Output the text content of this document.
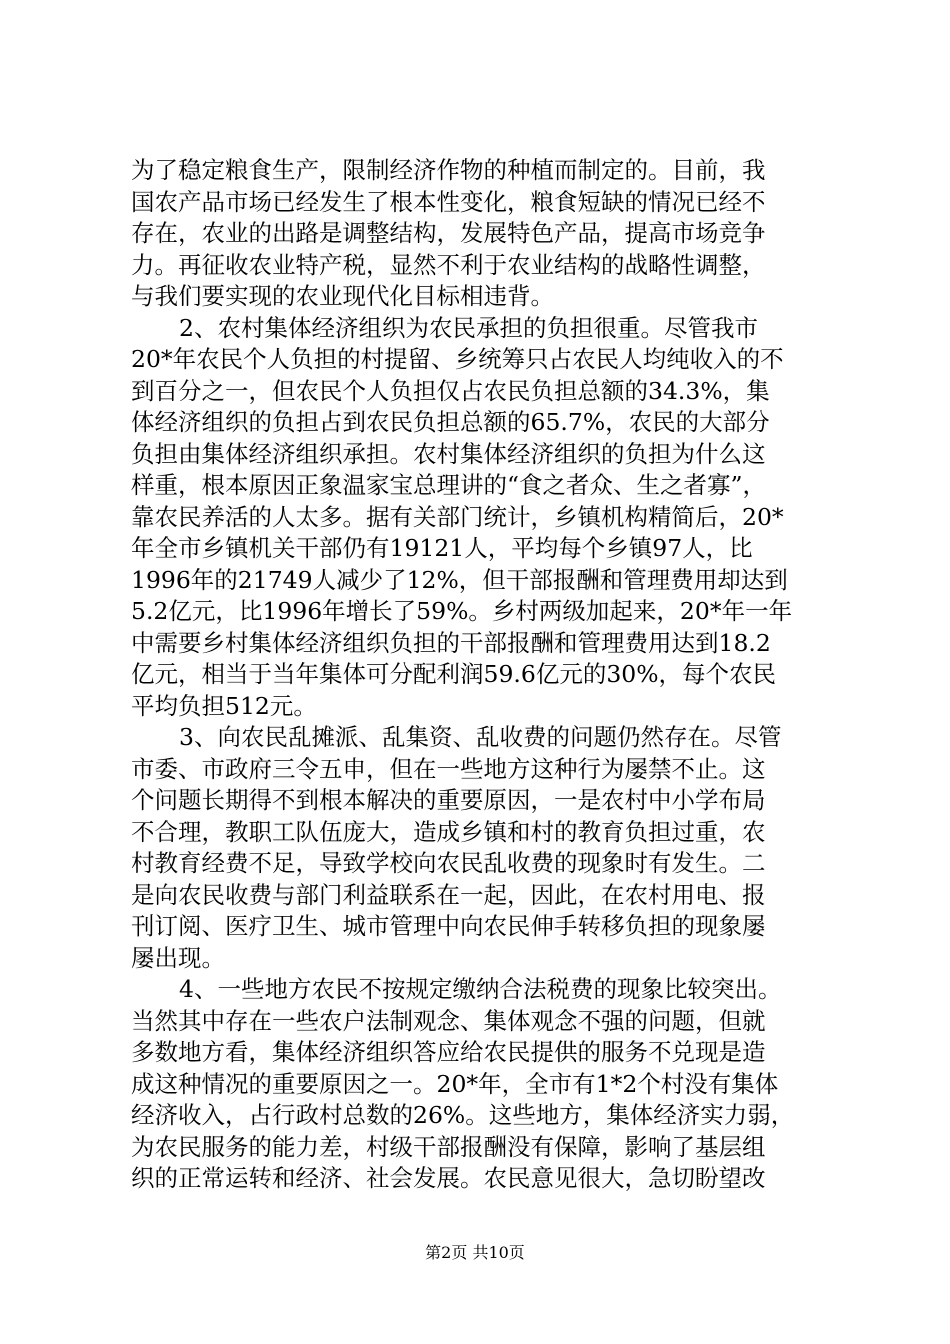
为了稳定粮食生产，限制经济作物的种植而制定的。目前，我
国农产品市场已经发生了根本性变化，粮食短缺的情况已经不
存在，农业的出路是调整结构，发展特色产品，提高市场竞争
力。再征收农业特产税，显然不利于农业结构的战略性调整，
与我们要实现的农业现代化目标相违背。
2、农村集体经济组织为农民承担的负担很重。尽管我市
20*年农民个人负担的村提留、乡统筹只占农民人均纯收入的不
到百分之一，但农民个人负担仅占农民负担总额的34.3%，集
体经济组织的负担占到农民负担总额的65.7%，农民的大部分
负担由集体经济组织承担。农村集体经济组织的负担为什么这
样重，根本原因正象温家宝总理讲的“食之者众、生之者寡”，
靠农民养活的人太多。据有关部门统计，乡镇机构精简后，20*
年全市乡镇机关干部仍有19121人，平均每个乡镇97人，比
1996年的21749人减少了12%，但干部报酬和管理费用却达到
5.2亿元，比1996年增长了59%。乡村两级加起来，20*年一年
中需要乡村集体经济组织负担的干部报酬和管理费用达到18.2
亿元，相当于当年集体可分配利润59.6亿元的30%，每个农民
平均负担512元。
3、向农民乱摊派、乱集资、乱收费的问题仍然存在。尽管
市委、市政府三令五申，但在一些地方这种行为屡禁不止。这
个问题长期得不到根本解决的重要原因，一是农村中小学布局
不合理，教职工队伍庞大，造成乡镇和村的教育负担过重，农
村教育经费不足，导致学校向农民乱收费的现象时有发生。二
是向农民收费与部门利益联系在一起，因此，在农村用电、报
刊订阅、医疗卫生、城市管理中向农民伸手转移负担的现象屡
屡出现。
4、一些地方农民不按规定缴纳合法税费的现象比较突出。
当然其中存在一些农户法制观念、集体观念不强的问题，但就
多数地方看，集体经济组织答应给农民提供的服务不兑现是造
成这种情况的重要原因之一。20*年，全市有1*2个村没有集体
经济收入，占行政村总数的26%。这些地方，集体经济实力弱，
为农民服务的能力差，村级干部报酬没有保障，影响了基层组
织的正常运转和经济、社会发展。农民意见很大，急切盼望改
第2页 共10页
